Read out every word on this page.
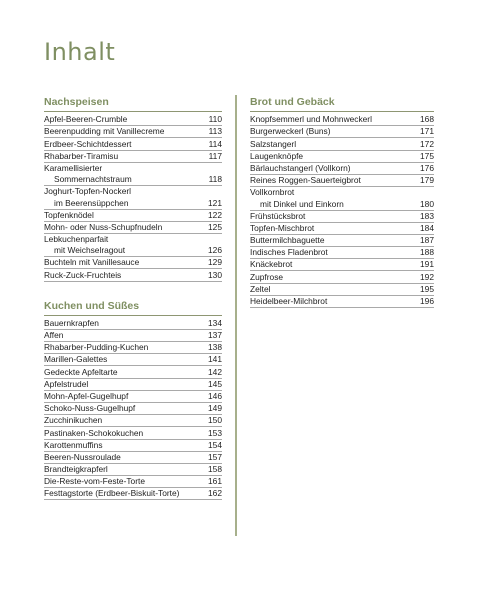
Inhalt
Nachspeisen
Apfel-Beeren-Crumble	110
Beerenpudding mit Vanillecreme	113
Erdbeer-Schichtdessert	114
Rhabarber-Tiramisu	117
Karamellisierter
Sommernachtstraum	118
Joghurt-Topfen-Nockerl
im Beerensüppchen	121
Topfenknödel	122
Mohn- oder Nuss-Schupfnudeln	125
Lebkuchenparfait
mit Weichselragout	126
Buchteln mit Vanillesauce	129
Ruck-Zuck-Fruchteis	130
Kuchen und Süßes
Bauernkrapfen	134
Affen	137
Rhabarber-Pudding-Kuchen	138
Marillen-Galettes	141
Gedeckte Apfeltarte	142
Apfelstrudel	145
Mohn-Apfel-Gugelhupf	146
Schoko-Nuss-Gugelhupf	149
Zucchinikuchen	150
Pastinaken-Schokokuchen	153
Karottenmuffins	154
Beeren-Nussroulade	157
Brandteigkrapferl	158
Die-Reste-vom-Feste-Torte	161
Festtagstorte (Erdbeer-Biskuit-Torte)	162
Brot und Gebäck
Knopfsemmerl und Mohnweckerl	168
Burgerweckerl (Buns)	171
Salzstangerl	172
Laugenknöpfe	175
Bärlauchstangerl (Vollkorn)	176
Reines Roggen-Sauerteigbrot	179
Vollkornbrot
mit Dinkel und Einkorn	180
Frühstücksbrot	183
Topfen-Mischbrot	184
Buttermilchbaguette	187
Indisches Fladenbrot	188
Knäckebrot	191
Zupfrose	192
Zeltel	195
Heidelbeer-Milchbrot	196
